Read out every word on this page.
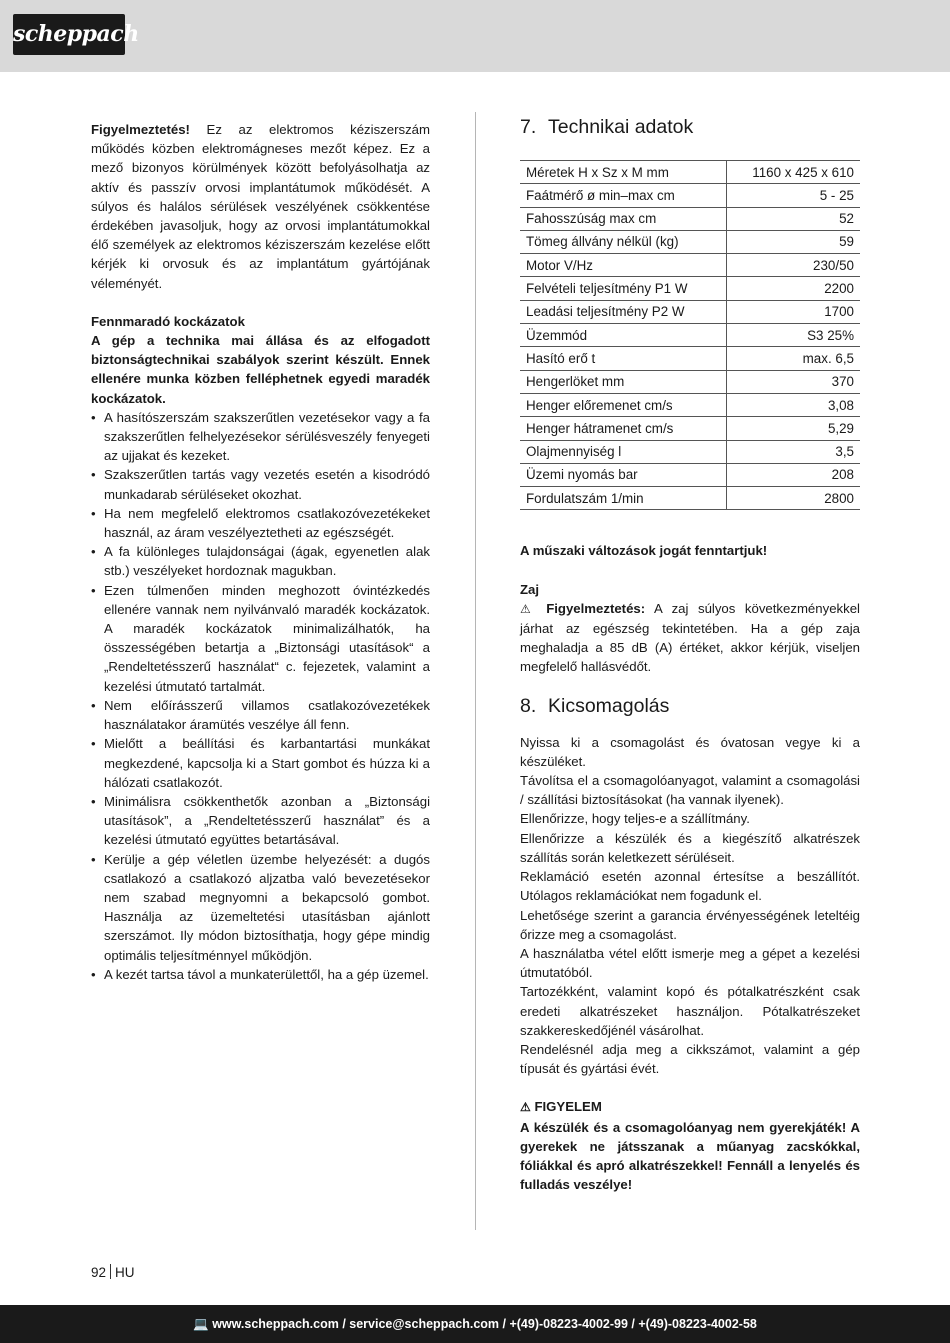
scheppach

Figyelmeztetés! Ez az elektromos kéziszerszám működés közben elektromágneses mezőt képez. Ez a mező bizonyos körülmények között befolyásolhatja az aktív és passzív orvosi implantátumok működését. A súlyos és halálos sérülések veszélyének csökkentése érdekében javasoljuk, hogy az orvosi implantátumokkal élő személyek az elektromos kéziszerszám kezelése előtt kérjék ki orvosuk és az implantátum gyártójának véleményét.

Fennmaradó kockázatok

A gép a technika mai állása és az elfogadott biztonságtechnikai szabályok szerint készült. Ennek ellenére munka közben felléphetnek egyedi maradék kockázatok.

• A hasítószerszám szakszerűtlen vezetésekor vagy a fa szakszerűtlen felhelyezésekor sérülésveszély fenyegeti az ujjakat és kezeket.
• Szakszerűtlen tartás vagy vezetés esetén a kisodródó munkadarab sérüléseket okozhat.
• Ha nem megfelelő elektromos csatlakozóvezetékeket használ, az áram veszélyeztetheti az egészségét.
• A fa különleges tulajdonságai (ágak, egyenetlen alak stb.) veszélyeket hordoznak magukban.
• Ezen túlmenően minden meghozott óvintézkedés ellenére vannak nem nyilvánvaló maradék kockázatok. A maradék kockázatok minimalizálhatók, ha összességében betartja a „Biztonsági utasítások“ a „Rendeltetésszerű használat“ c. fejezetek, valamint a kezelési útmutató tartalmát.
• Nem előírásszerű villamos csatlakozóvezetékek használatakor áramütés veszélye áll fenn.
• Mielőtt a beállítási és karbantartási munkákat megkezdené, kapcsolja ki a Start gombot és húzza ki a hálózati csatlakozót.
• Minimálisra csökkenthetők azonban a „Biztonsági utasítások”, a „Rendeltetésszerű használat” és a kezelési útmutató együttes betartásával.
• Kerülje a gép véletlen üzembe helyezését: a dugós csatlakozó a csatlakozó aljzatba való bevezetésekor nem szabad megnyomni a bekapcsoló gombot. Használja az üzemeltetési utasításban ajánlott szerszámot. Ily módon biztosíthatja, hogy gépe mindig optimális teljesítménnyel működjön.
• A kezét tartsa távol a munkaterülettől, ha a gép üzemel.
7. Technikai adatok
Méretek H x Sz x M mm	1160 x 425 x 610
Faátmérő ø min–max cm	5 - 25
Fahosszúság max cm	52
Tömeg állvány nélkül (kg)	59
Motor V/Hz	230/50
Felvételi teljesítmény P1 W	2200
Leadási teljesítmény P2 W	1700
Üzemmód	S3 25%
Hasító erő t	max. 6,5
Hengerlöket mm	370
Henger előremenet cm/s	3,08
Henger hátramenet cm/s	5,29
Olajmennyiség l	3,5
Üzemi nyomás bar	208
Fordulatszám 1/min	2800

A műszaki változások jogát fenntartjuk!

Zaj

⚠ Figyelmeztetés: A zaj súlyos következményekkel járhat az egészség tekintetében. Ha a gép zaja meghaladja a 85 dB (A) értéket, akkor kérjük, viseljen megfelelő hallásvédőt.

8. Kicsomagolás

Nyissa ki a csomagolást és óvatosan vegye ki a készüléket.

Távolítsa el a csomagolóanyagot, valamint a csomagolási / szállítási biztosításokat (ha vannak ilyenek).

Ellenőrizze, hogy teljes-e a szállítmány.

Ellenőrizze a készülék és a kiegészítő alkatrészek szállítás során keletkezett sérüléseit.

Reklamáció esetén azonnal értesítse a beszállítót. Utólagos reklamációkat nem fogadunk el.

Lehetősége szerint a garancia érvényességének leteltéig őrizze meg a csomagolást.

A használatba vétel előtt ismerje meg a gépet a kezelési útmutatóból.

Tartozékként, valamint kopó és pótalkatrészként csak eredeti alkatrészeket használjon. Pótalkatrészeket szakkereskedőjénél vásárolhat.

Rendelésnél adja meg a cikkszámot, valamint a gép típusát és gyártási évét.

⚠ FIGYELEM

A készülék és a csomagolóanyag nem gyerekjáték! A gyerekek ne játsszanak a műanyag zacskókkal, fóliákkal és apró alkatrészekkel! Fennáll a lenyelés és fulladás veszélye!

92 HU
💻 www.scheppach.com / service@scheppach.com / +(49)-08223-4002-99 / +(49)-08223-4002-58
